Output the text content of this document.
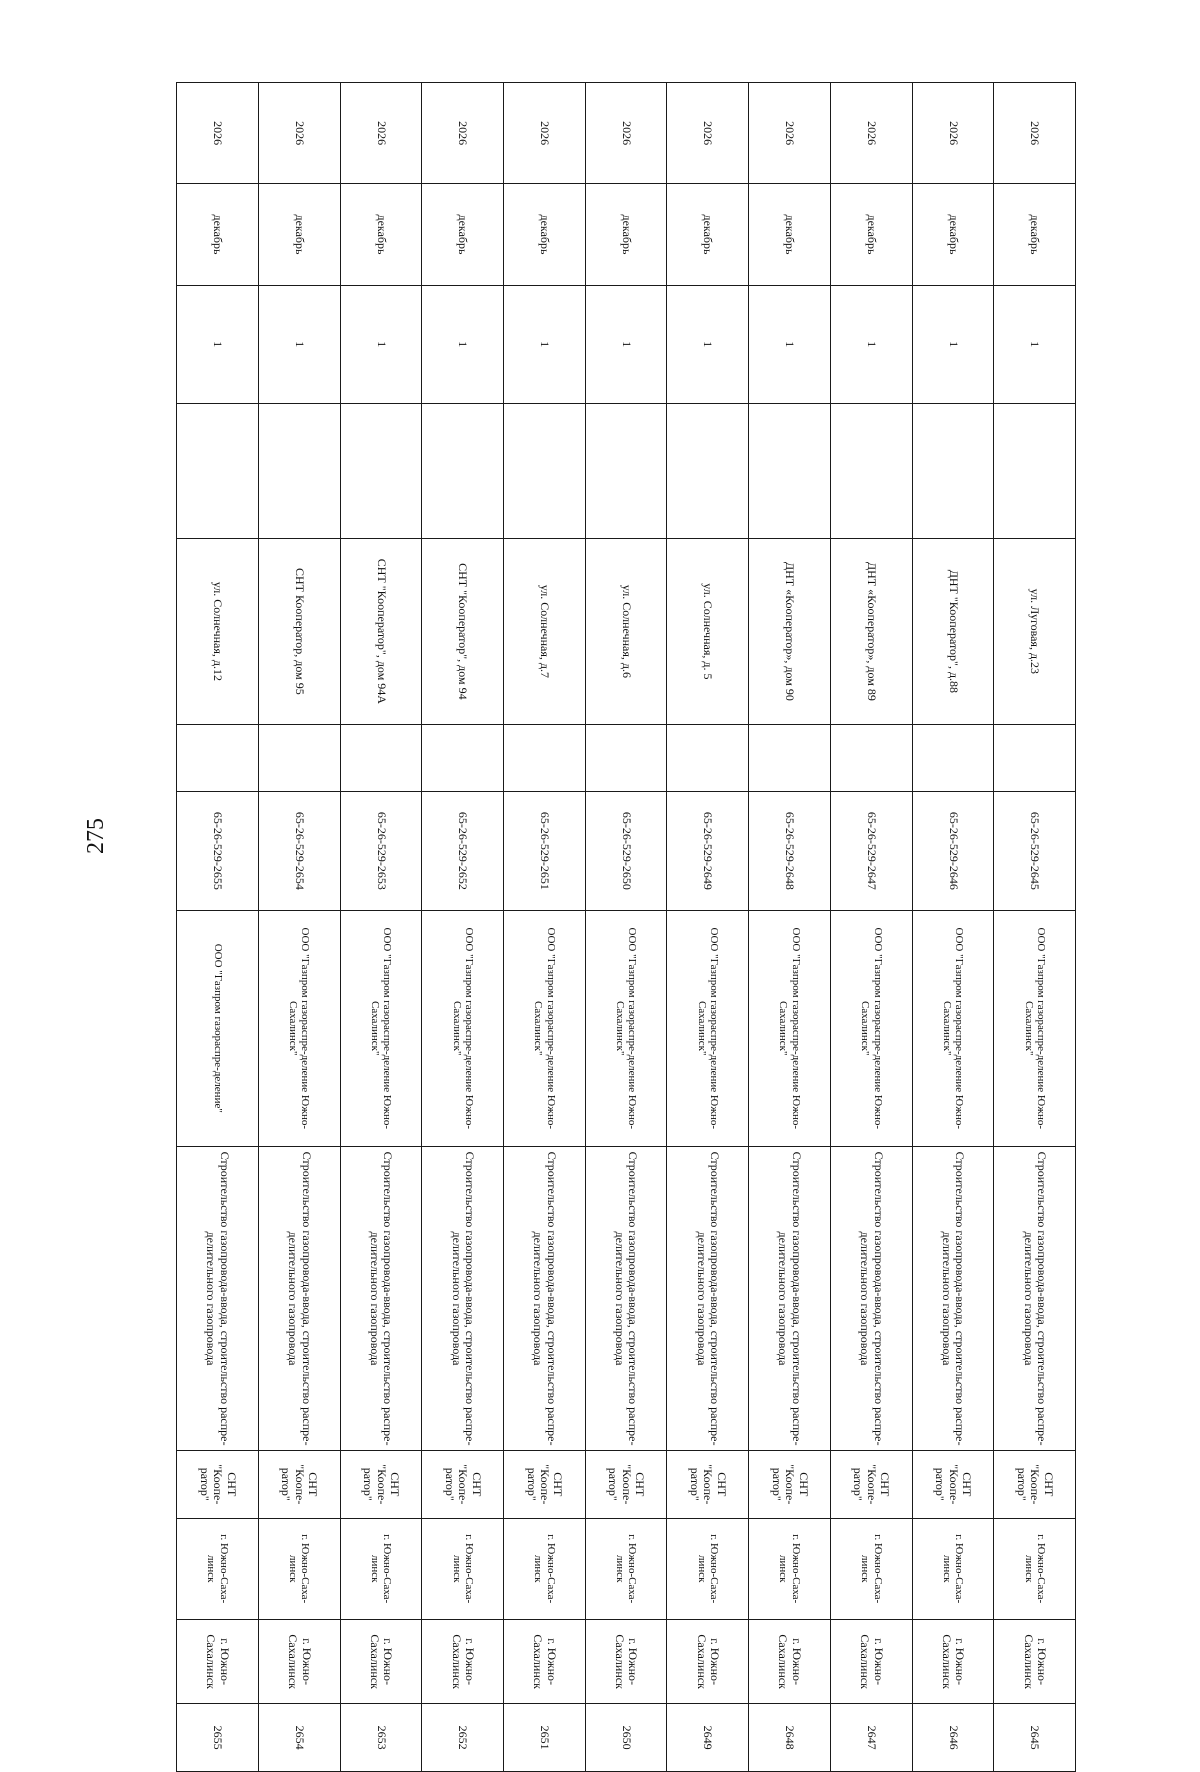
275
2026	декабрь	1		ул. Луговая, д.23		65-26-529-2645	ООО "Газпром газораспре-деление Южно-Сахалинск"	Строительство газопровода-ввода, строительство распре-делительного газопровода	СНТ "Коопе-ратор"	г. Южно-Саха-линск	г. Южно-Сахалинск	2645
2026	декабрь	1		ДНТ "Кооператор", д.88		65-26-529-2646	ООО "Газпром газораспре-деление Южно-Сахалинск"	Строительство газопровода-ввода, строительство распре-делительного газопровода	СНТ "Коопе-ратор"	г. Южно-Саха-линск	г. Южно-Сахалинск	2646
2026	декабрь	1		ДНТ «Кооператор», дом 89		65-26-529-2647	ООО "Газпром газораспре-деление Южно-Сахалинск"	Строительство газопровода-ввода, строительство распре-делительного газопровода	СНТ "Коопе-ратор"	г. Южно-Саха-линск	г. Южно-Сахалинск	2647
2026	декабрь	1		ДНТ «Кооператор», дом 90		65-26-529-2648	ООО "Газпром газораспре-деление Южно-Сахалинск"	Строительство газопровода-ввода, строительство распре-делительного газопровода	СНТ "Коопе-ратор"	г. Южно-Саха-линск	г. Южно-Сахалинск	2648
2026	декабрь	1		ул. Солнечная, д. 5		65-26-529-2649	ООО "Газпром газораспре-деление Южно-Сахалинск"	Строительство газопровода-ввода, строительство распре-делительного газопровода	СНТ "Коопе-ратор"	г. Южно-Саха-линск	г. Южно-Сахалинск	2649
2026	декабрь	1		ул. Солнечная, д.6		65-26-529-2650	ООО "Газпром газораспре-деление Южно-Сахалинск"	Строительство газопровода-ввода, строительство распре-делительного газопровода	СНТ "Коопе-ратор"	г. Южно-Саха-линск	г. Южно-Сахалинск	2650
2026	декабрь	1		ул. Солнечная, д.7		65-26-529-2651	ООО "Газпром газораспре-деление Южно-Сахалинск"	Строительство газопровода-ввода, строительство распре-делительного газопровода	СНТ "Коопе-ратор"	г. Южно-Саха-линск	г. Южно-Сахалинск	2651
2026	декабрь	1		СНТ "Кооператор", дом 94		65-26-529-2652	ООО "Газпром газораспре-деление Южно-Сахалинск"	Строительство газопровода-ввода, строительство распре-делительного газопровода	СНТ "Коопе-ратор"	г. Южно-Саха-линск	г. Южно-Сахалинск	2652
2026	декабрь	1		СНТ "Кооператор", дом 94А		65-26-529-2653	ООО "Газпром газораспре-деление Южно-Сахалинск"	Строительство газопровода-ввода, строительство распре-делительного газопровода	СНТ "Коопе-ратор"	г. Южно-Саха-линск	г. Южно-Сахалинск	2653
2026	декабрь	1		СНТ Кооператор, дом 95		65-26-529-2654	ООО "Газпром газораспре-деление Южно-Сахалинск"	Строительство газопровода-ввода, строительство распре-делительного газопровода	СНТ "Коопе-ратор"	г. Южно-Саха-линск	г. Южно-Сахалинск	2654
2026	декабрь	1		ул. Солнечная, д.12		65-26-529-2655	ООО "Газпром газораспре-деление"	Строительство газопровода-ввода, строительство распре-делительного газопровода	СНТ "Коопе-ратор"	г. Южно-Саха-линск	г. Южно-Сахалинск	2655
